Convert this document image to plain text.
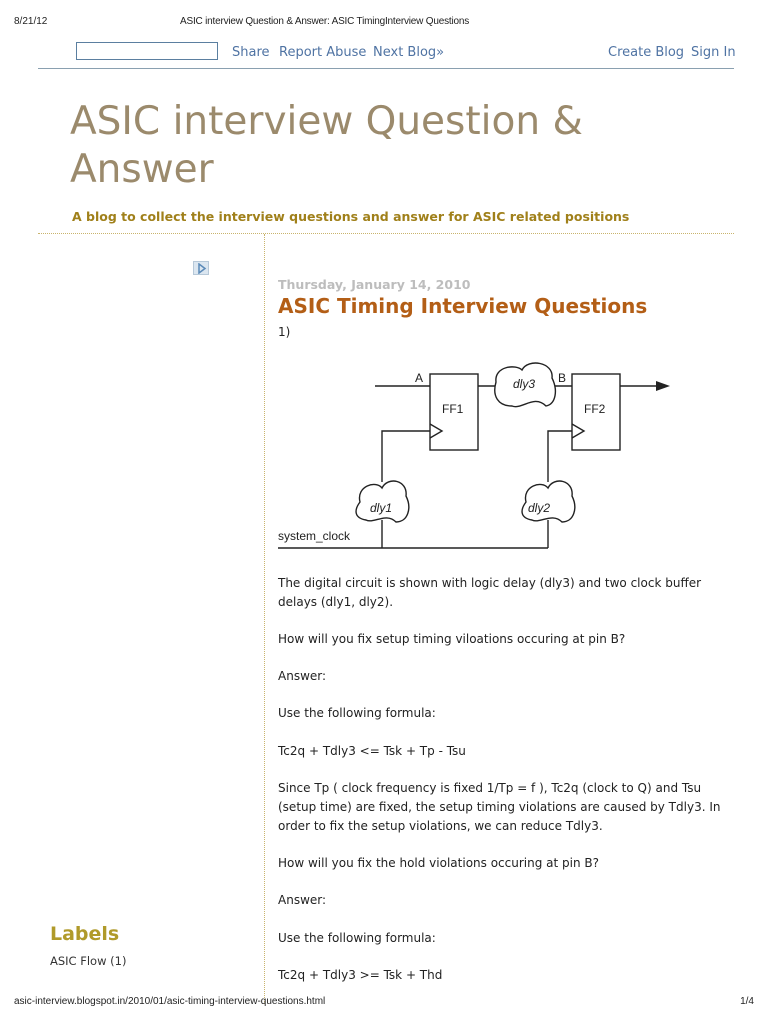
8/21/12	ASIC interview Question & Answer: ASIC TimingInterview Questions
Share Report Abuse Next Blog»	Create Blog Sign In
ASIC interview Question & Answer

A blog to collect the interview questions and answer for ASIC related positions

Labels
ASIC Flow (1)
Thursday, January 14, 2010
ASIC Timing Interview Questions
1)
A	B
FF1	FF2
dly3
dly1	dly2
system_clock

The digital circuit is shown with logic delay (dly3) and two clock buffer delays (dly1, dly2).

How will you fix setup timing viloations occuring at pin B?

Answer:

Use the following formula:

Tc2q + Tdly3 <= Tsk + Tp - Tsu

Since Tp ( clock frequency is fixed 1/Tp = f ), Tc2q (clock to Q) and Tsu (setup time) are fixed, the setup timing violations are caused by Tdly3. In order to fix the setup violations, we can reduce Tdly3.

How will you fix the hold violations occuring at pin B?

Answer:

Use the following formula:

Tc2q + Tdly3 >= Tsk + Thd

asic-interview.blogspot.in/2010/01/asic-timing-interview-questions.html	1/4
